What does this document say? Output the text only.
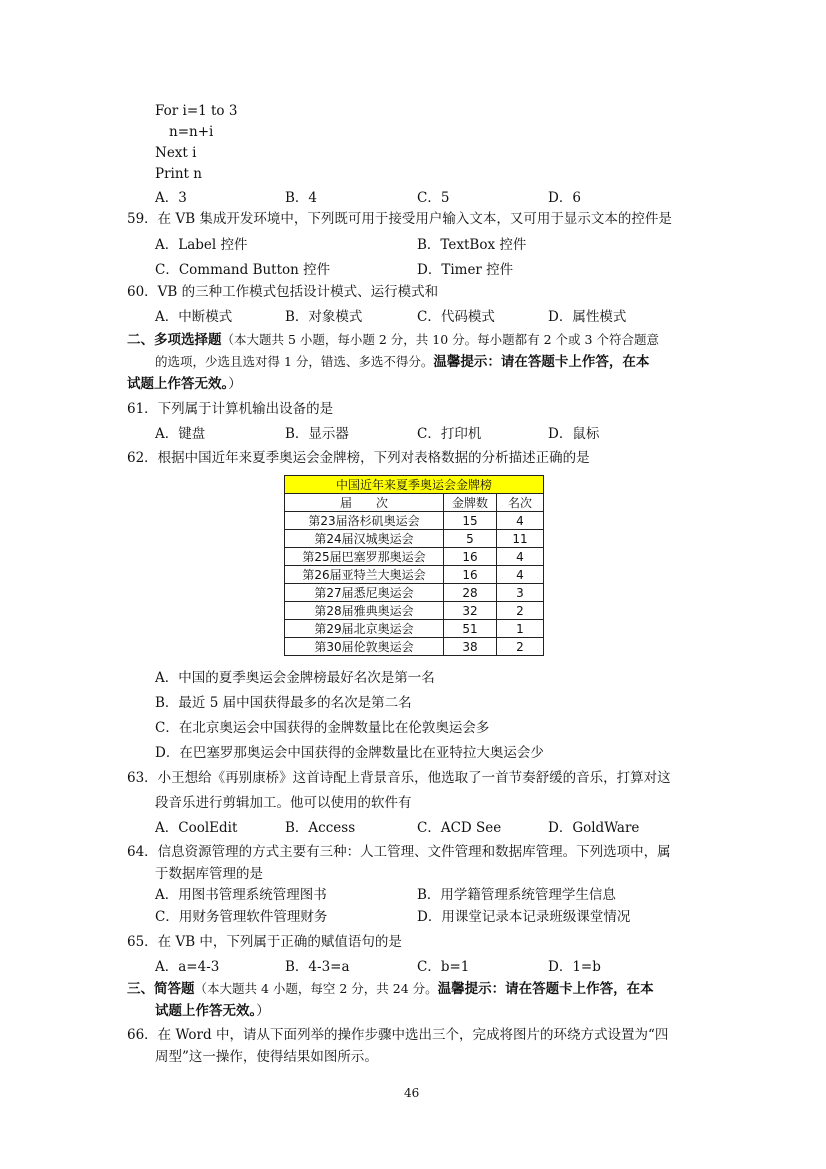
For i=1 to 3
n=n+i
Next i
Print n
A．3	B．4	C．5	D．6
59．在 VB 集成开发环境中，下列既可用于接受用户输入文本，又可用于显示文本的控件是
A．Label 控件	B．TextBox 控件
C．Command Button 控件	D．Timer 控件
60．VB 的三种工作模式包括设计模式、运行模式和
A．中断模式	B．对象模式	C．代码模式	D．属性模式
二、多项选择题（本大题共 5 小题，每小题 2 分，共 10 分。每小题都有 2 个或 3 个符合题意
的选项，少选且选对得 1 分，错选、多选不得分。温馨提示：请在答题卡上作答，在本
试题上作答无效。）
61．下列属于计算机输出设备的是
A．键盘	B．显示器	C．打印机	D．鼠标
62．根据中国近年来夏季奥运会金牌榜，下列对表格数据的分析描述正确的是
中国近年来夏季奥运会金牌榜		
届　　次	金牌数	名次
第23届洛杉矶奥运会	15	4
第24届汉城奥运会	5	11
第25届巴塞罗那奥运会	16	4
第26届亚特兰大奥运会	16	4
第27届悉尼奥运会	28	3
第28届雅典奥运会	32	2
第29届北京奥运会	51	1
第30届伦敦奥运会	38	2
A．中国的夏季奥运会金牌榜最好名次是第一名
B．最近 5 届中国获得最多的名次是第二名
C．在北京奥运会中国获得的金牌数量比在伦敦奥运会多
D．在巴塞罗那奥运会中国获得的金牌数量比在亚特拉大奥运会少
63．小王想给《再别康桥》这首诗配上背景音乐，他选取了一首节奏舒缓的音乐，打算对这
段音乐进行剪辑加工。他可以使用的软件有
A．CoolEdit	B．Access	C．ACD See	D．GoldWare
64．信息资源管理的方式主要有三种：人工管理、文件管理和数据库管理。下列选项中，属
于数据库管理的是
A．用图书管理系统管理图书	B．用学籍管理系统管理学生信息
C．用财务管理软件管理财务	D．用课堂记录本记录班级课堂情况
65．在 VB 中，下列属于正确的赋值语句的是
A．a=4-3	B．4-3=a	C．b=1	D．1=b
三、简答题（本大题共 4 小题，每空 2 分，共 24 分。温馨提示：请在答题卡上作答，在本
试题上作答无效。）
66．在 Word 中，请从下面列举的操作步骤中选出三个，完成将图片的环绕方式设置为“四
周型”这一操作，使得结果如图所示。
46
